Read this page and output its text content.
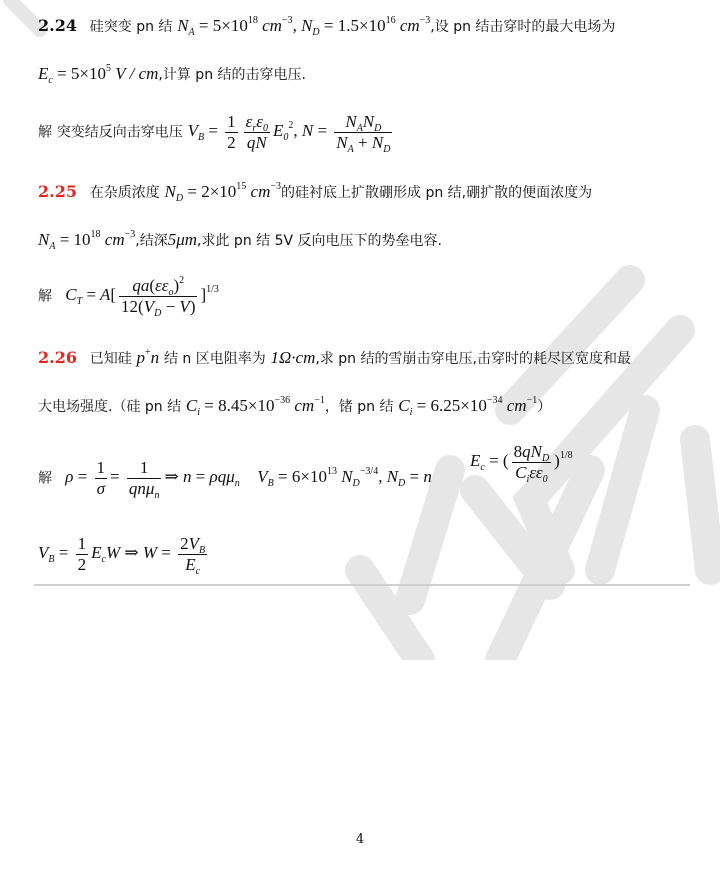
2.24 硅突变 pn 结 $N_A = 5\times 10^{18}$ $cm^{-3}$, $N_D = 1.5\times 10^{16}$ $cm^{-3}$,设 pn 结击穿时的最大电场为
$E_c = 5\times 10^5$ V / cm,计算 pn 结的击穿电压.
解 突变结反向击穿电压 $V_B = \frac{1}{2} \frac{\varepsilon_r\varepsilon_0}{qN} E_0^2$, $N = \frac{N_AN_D}{N_A + N_D}$
2.25 在杂质浓度 $N_D = 2\times 10^{15}$ $cm^{-3}$的硅衬底上扩散硼形成 pn 结,硼扩散的便面浓度为
$N_A = 10^{18}$ $cm^{-3}$,结深5μm,求此 pn 结 5V 反向电压下的势垒电容.
解   $C_T = A[ \frac{qa(\varepsilon\varepsilon_o)^2}{12(V_D - V)} ]^{1/3}$
2.26 已知硅 p+n 结 n 区电阻率为 1Ω·cm,求 pn 结的雪崩击穿电压,击穿时的耗尽区宽度和最
大电场强度.（硅 pn 结 $C_i = 8.45\times 10^{-36}$ $cm^{-1}$，锗 pn 结 $C_i = 6.25\times 10^{-34}$ $cm^{-1}$）
$E_c$ = ( $\frac{8qN_D}{C_i\varepsilon\varepsilon_0} )^{1/8}$
解   $\rho = \frac{1}{\sigma} = \frac{1}{qn\mu_n}$ ⇒ n = ρqμ$_n$    $V_B = 6\times 10^{13}$ $N_D^{-3/4}$, $N_D = n$
$V_B = \frac{1}{2} E_cW$ ⇒ $W = \frac{2V_B}{E_c}$
4
